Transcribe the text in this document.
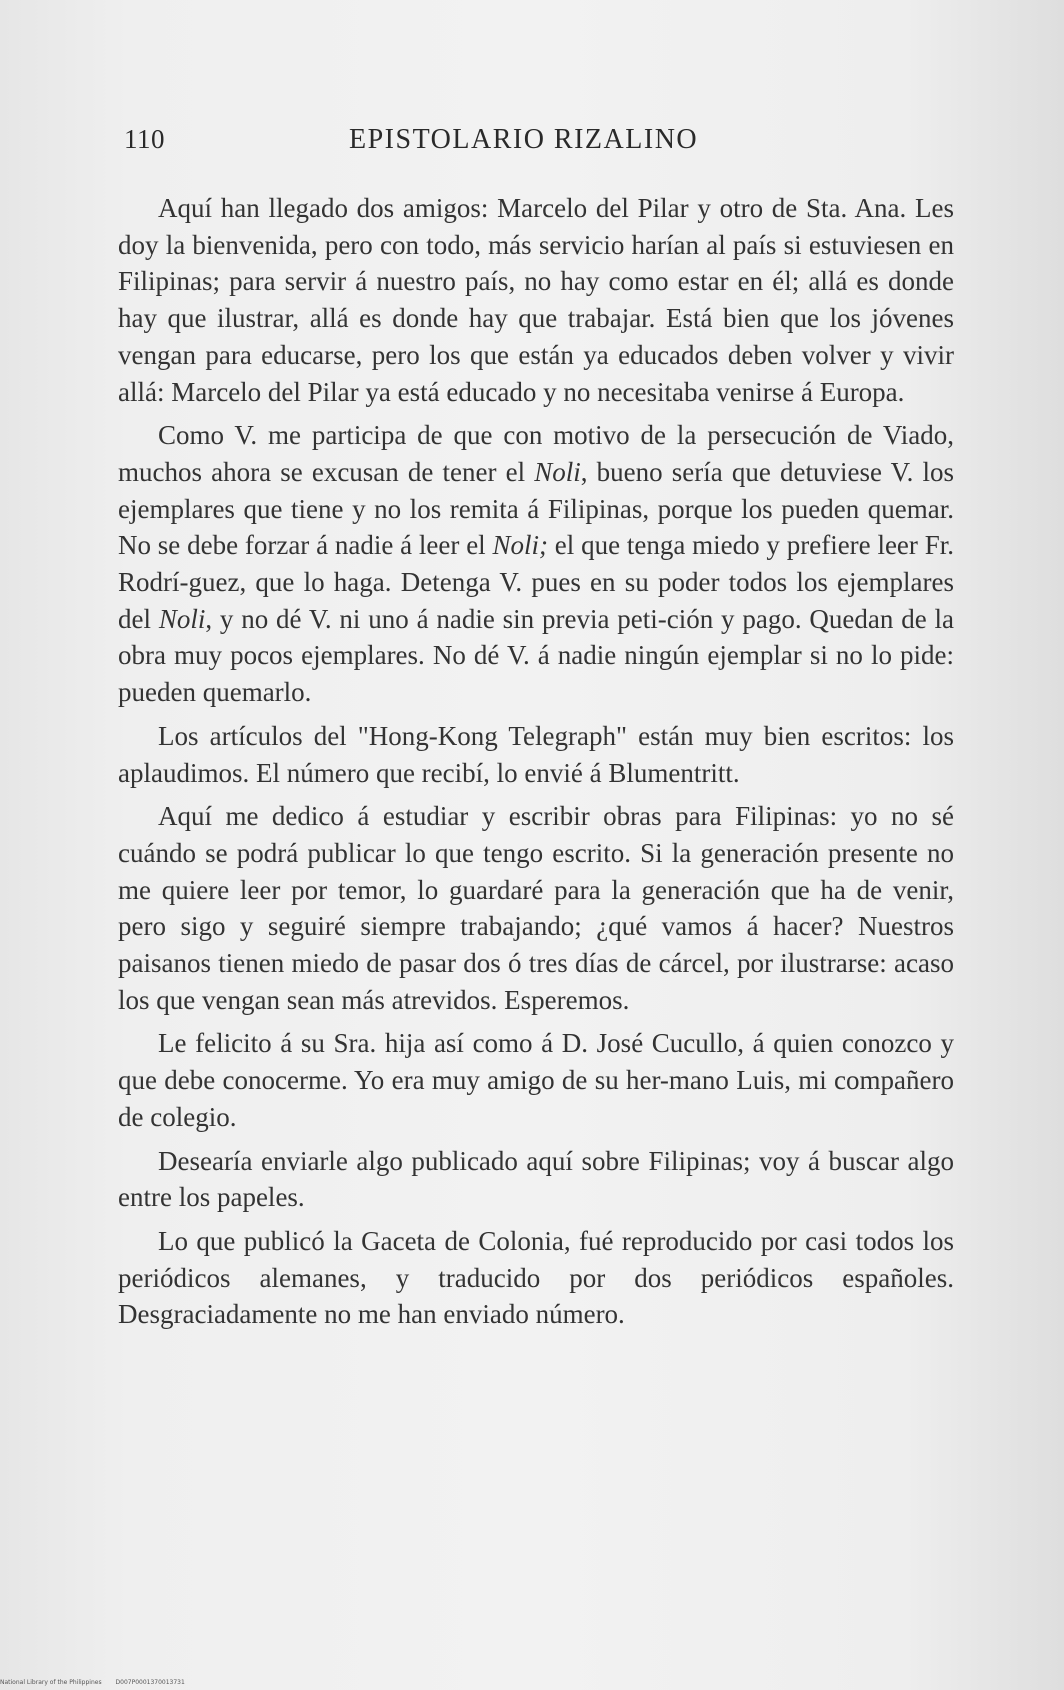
110	EPISTOLARIO RIZALINO

Aquí han llegado dos amigos: Marcelo del Pilar y otro de Sta. Ana. Les doy la bienvenida, pero con todo, más servicio harían al país si estuviesen en Filipinas; para servir á nuestro país, no hay como estar en él; allá es donde hay que ilustrar, allá es donde hay que trabajar. Está bien que los jóvenes vengan para educarse, pero los que están ya educados deben volver y vivir allá: Marcelo del Pilar ya está educado y no necesitaba venirse á Europa.

Como V. me participa de que con motivo de la persecución de Viado, muchos ahora se excusan de tener el Noli, bueno sería que detuviese V. los ejemplares que tiene y no los remita á Filipinas, porque los pueden quemar. No se debe forzar á nadie á leer el Noli; el que tenga miedo y prefiere leer Fr. Rodrí-guez, que lo haga. Detenga V. pues en su poder todos los ejemplares del Noli, y no dé V. ni uno á nadie sin previa peti-ción y pago. Quedan de la obra muy pocos ejemplares. No dé V. á nadie ningún ejemplar si no lo pide: pueden quemarlo.

Los artículos del "Hong-Kong Telegraph" están muy bien escritos: los aplaudimos. El número que recibí, lo envié á Blumentritt.

Aquí me dedico á estudiar y escribir obras para Filipinas: yo no sé cuándo se podrá publicar lo que tengo escrito. Si la generación presente no me quiere leer por temor, lo guardaré para la generación que ha de venir, pero sigo y seguiré siempre trabajando; ¿qué vamos á hacer? Nuestros paisanos tienen miedo de pasar dos ó tres días de cárcel, por ilustrarse: acaso los que vengan sean más atrevidos. Esperemos.

Le felicito á su Sra. hija así como á D. José Cucullo, á quien conozco y que debe conocerme. Yo era muy amigo de su her-mano Luis, mi compañero de colegio.

Desearía enviarle algo publicado aquí sobre Filipinas; voy á buscar algo entre los papeles.

Lo que publicó la Gaceta de Colonia, fué reproducido por casi todos los periódicos alemanes, y traducido por dos periódicos españoles. Desgraciadamente no me han enviado número.

National Library of the Philippines D007P0001370013731
